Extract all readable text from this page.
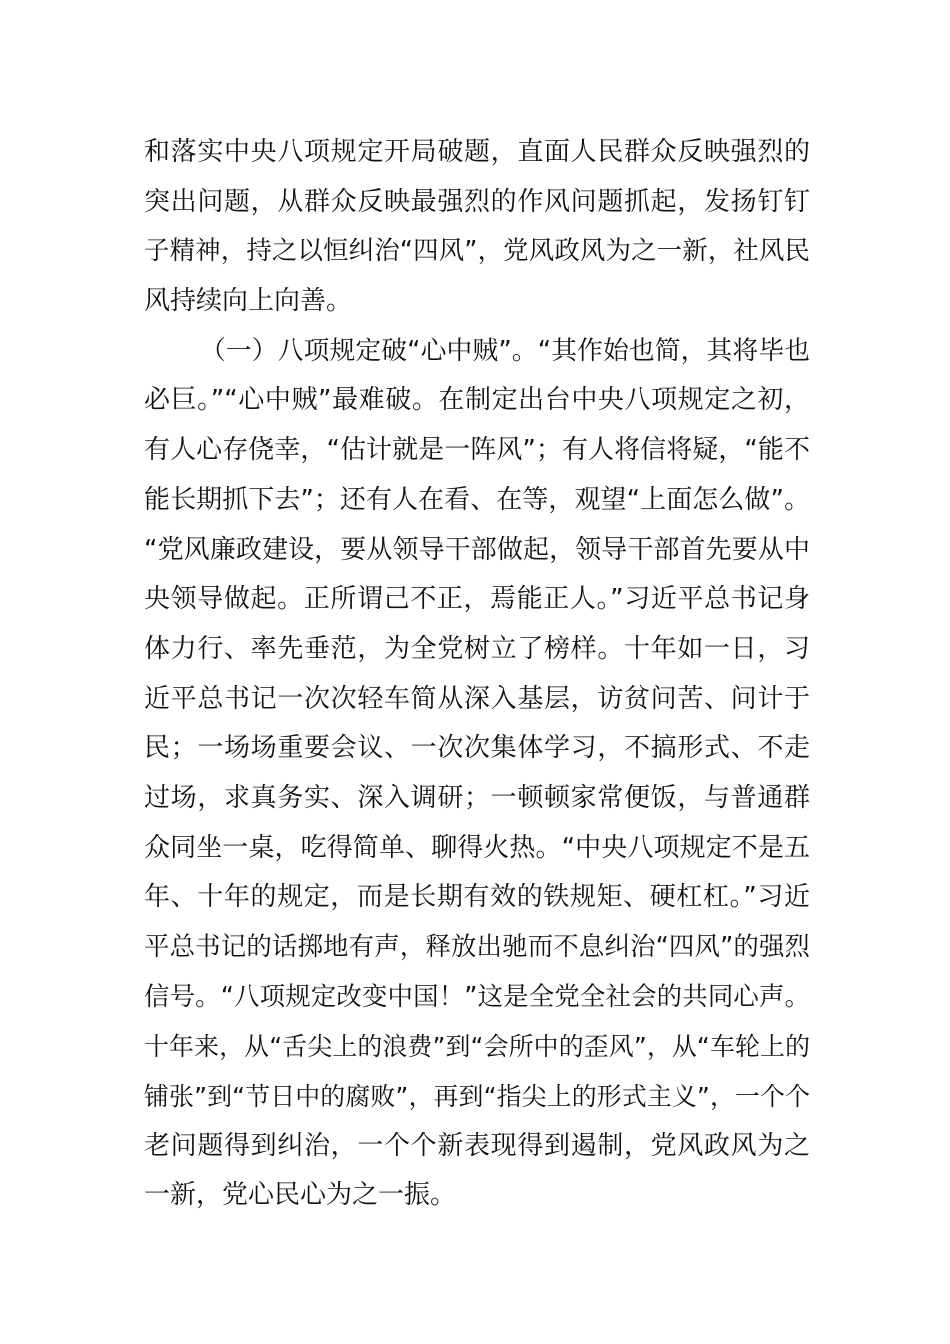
和落实中央八项规定开局破题，直面人民群众反映强烈的
突出问题，从群众反映最强烈的作风问题抓起，发扬钉钉
子精神，持之以恒纠治“四风”，党风政风为之一新，社风民
风持续向上向善。
（一）八项规定破“心中贼”。“其作始也简，其将毕也
必巨。”“心中贼”最难破。在制定出台中央八项规定之初，
有人心存侥幸，“估计就是一阵风”；有人将信将疑，“能不
能长期抓下去”；还有人在看、在等，观望“上面怎么做”。
“党风廉政建设，要从领导干部做起，领导干部首先要从中
央领导做起。正所谓己不正，焉能正人。”习近平总书记身
体力行、率先垂范，为全党树立了榜样。十年如一日，习
近平总书记一次次轻车简从深入基层，访贫问苦、问计于
民；一场场重要会议、一次次集体学习，不搞形式、不走
过场，求真务实、深入调研；一顿顿家常便饭，与普通群
众同坐一桌，吃得简单、聊得火热。“中央八项规定不是五
年、十年的规定，而是长期有效的铁规矩、硬杠杠。”习近
平总书记的话掷地有声，释放出驰而不息纠治“四风”的强烈
信号。“八项规定改变中国！”这是全党全社会的共同心声。
十年来，从“舌尖上的浪费”到“会所中的歪风”，从“车轮上的
铺张”到“节日中的腐败”，再到“指尖上的形式主义”，一个个
老问题得到纠治，一个个新表现得到遏制，党风政风为之
一新，党心民心为之一振。
